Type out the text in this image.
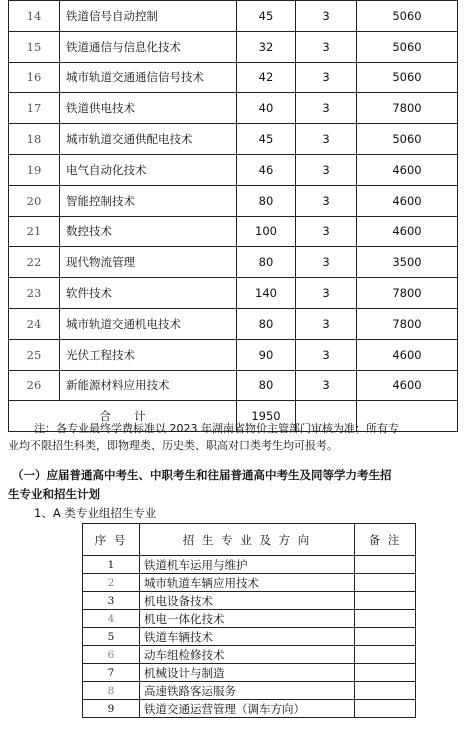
14	铁道信号自动控制	45	3	5060
15	铁道通信与信息化技术	32	3	5060
16	城市轨道交通通信信号技术	42	3	5060
17	铁道供电技术	40	3	7800
18	城市轨道交通供配电技术	45	3	5060
19	电气自动化技术	46	3	4600
20	智能控制技术	80	3	4600
21	数控技术	100	3	4600
22	现代物流管理	80	3	3500
23	软件技术	140	3	7800
24	城市轨道交通机电技术	80	3	7800
25	光伏工程技术	90	3	4600
26	新能源材料应用技术	80	3	4600
合　　计		1950		

注：各专业最终学费标准以 2023 年湖南省物价主管部门审核为准；所有专

业均不限招生科类，即物理类、历史类、职高对口类考生均可报考。

（一）应届普通高中考生、中职考生和往届普通高中考生及同等学力考生招
生专业和招生计划
1、A 类专业组招生专业
序 号	招 生 专 业 及 方 向	备 注
1	铁道机车运用与维护	
2	城市轨道车辆应用技术	
3	机电设备技术	
4	机电一体化技术	
5	铁道车辆技术	
6	动车组检修技术	
7	机械设计与制造	
8	高速铁路客运服务	
9	铁道交通运营管理（调车方向）	
